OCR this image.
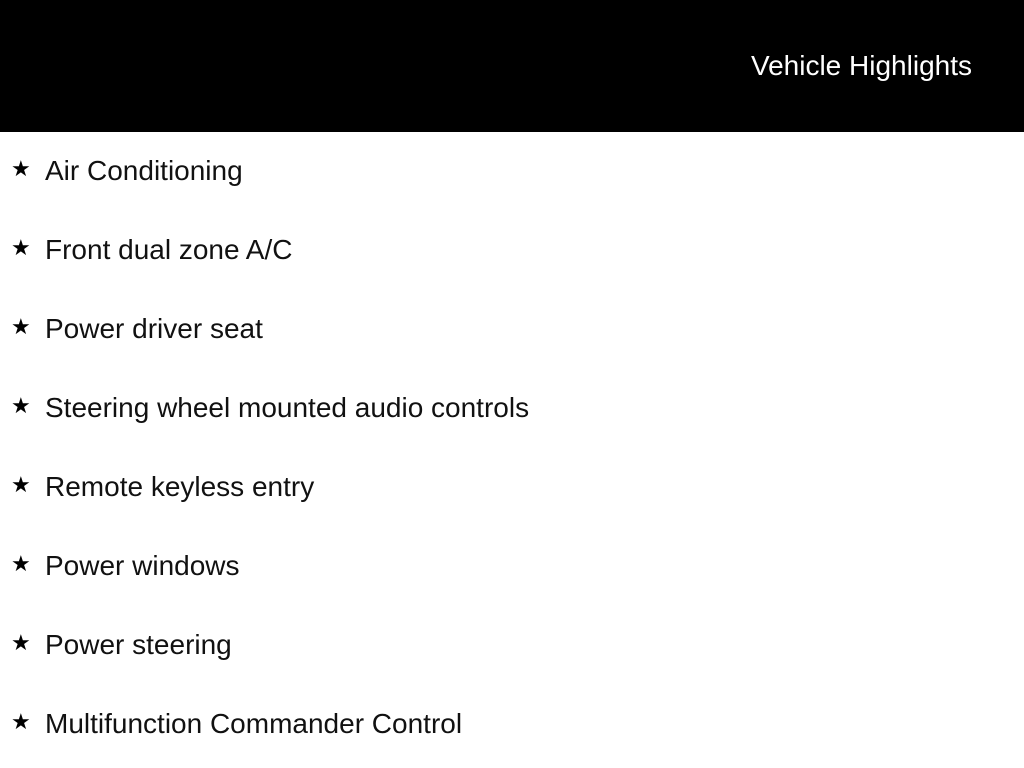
Vehicle Highlights
★ Air Conditioning
★ Front dual zone A/C
★ Power driver seat
★ Steering wheel mounted audio controls
★ Remote keyless entry
★ Power windows
★ Power steering
★ Multifunction Commander Control
